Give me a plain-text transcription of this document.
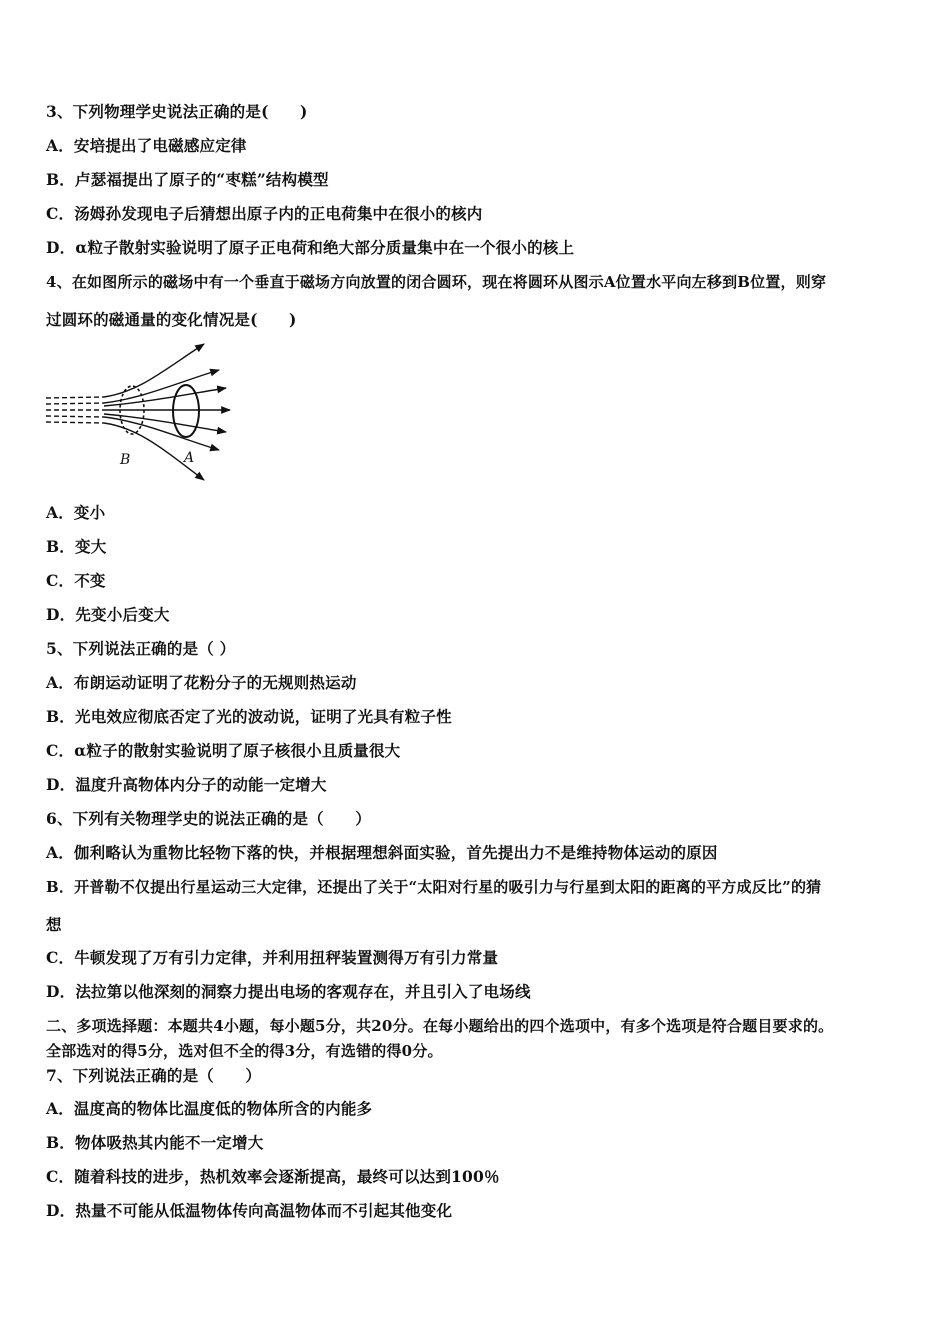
3、下列物理学史说法正确的是(　　)
A．安培提出了电磁感应定律
B．卢瑟福提出了原子的“枣糕”结构模型
C．汤姆孙发现电子后猜想出原子内的正电荷集中在很小的核内
D．α粒子散射实验说明了原子正电荷和绝大部分质量集中在一个很小的核上
4、在如图所示的磁场中有一个垂直于磁场方向放置的闭合圆环，现在将圆环从图示A位置水平向左移到B位置，则穿
过圆环的磁通量的变化情况是(　　)
B	A
A．变小
B．变大
C．不变
D．先变小后变大
5、下列说法正确的是（ ）
A．布朗运动证明了花粉分子的无规则热运动
B．光电效应彻底否定了光的波动说，证明了光具有粒子性
C．α粒子的散射实验说明了原子核很小且质量很大
D．温度升高物体内分子的动能一定增大
6、下列有关物理学史的说法正确的是（　　）
A．伽利略认为重物比轻物下落的快，并根据理想斜面实验，首先提出力不是维持物体运动的原因
B．开普勒不仅提出行星运动三大定律，还提出了关于“太阳对行星的吸引力与行星到太阳的距离的平方成反比”的猜
想
C．牛顿发现了万有引力定律，并利用扭秤装置测得万有引力常量
D．法拉第以他深刻的洞察力提出电场的客观存在，并且引入了电场线
二、多项选择题：本题共4小题，每小题5分，共20分。在每小题给出的四个选项中，有多个选项是符合题目要求的。
全部选对的得5分，选对但不全的得3分，有选错的得0分。
7、下列说法正确的是（　　）
A．温度高的物体比温度低的物体所含的内能多
B．物体吸热其内能不一定增大
C．随着科技的进步，热机效率会逐渐提高，最终可以达到100％
D．热量不可能从低温物体传向高温物体而不引起其他变化
